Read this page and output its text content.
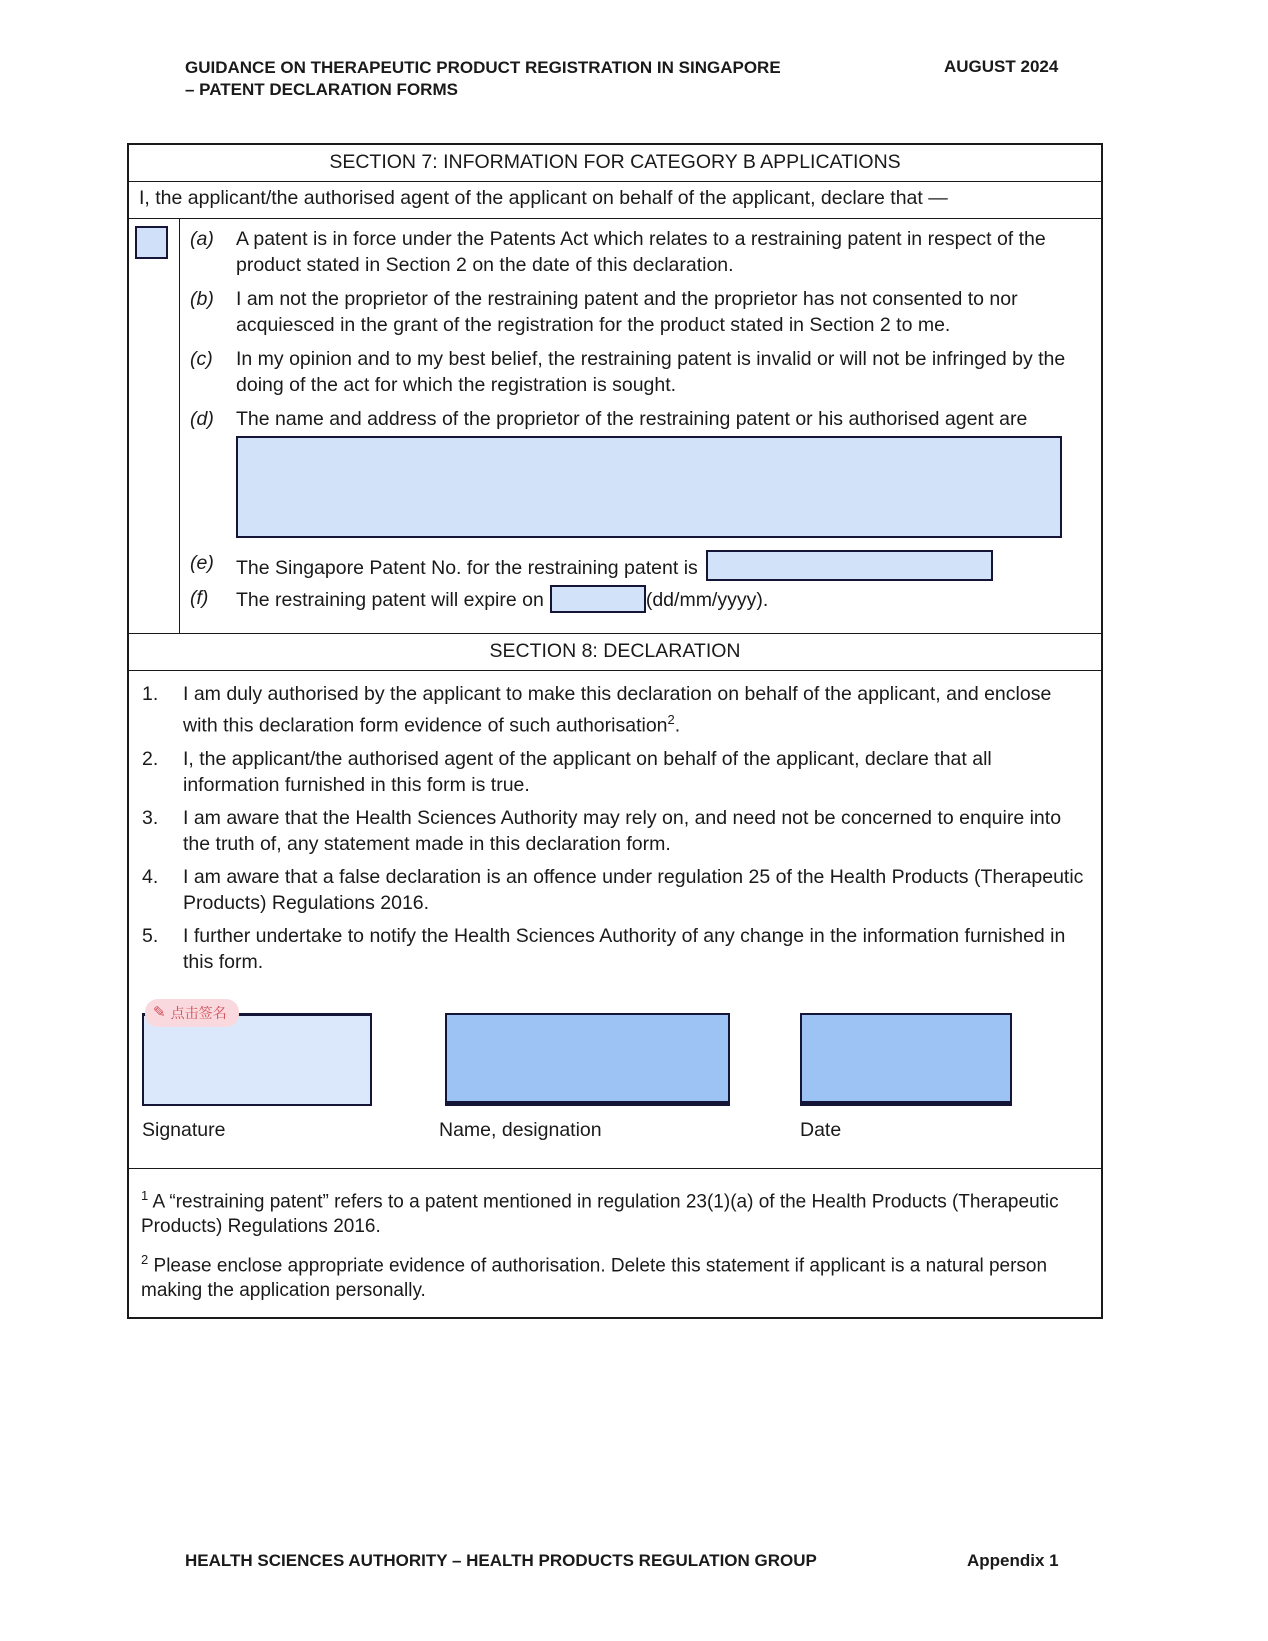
GUIDANCE ON THERAPEUTIC PRODUCT REGISTRATION IN SINGAPORE
– PATENT DECLARATION FORMS
AUGUST 2024
SECTION 7: INFORMATION FOR CATEGORY B APPLICATIONS
I, the applicant/the authorised agent of the applicant on behalf of the applicant, declare that —
(a)	A patent is in force under the Patents Act which relates to a restraining patent in respect of the product stated in Section 2 on the date of this declaration.
(b)	I am not the proprietor of the restraining patent and the proprietor has not consented to nor acquiesced in the grant of the registration for the product stated in Section 2 to me.
(c)	In my opinion and to my best belief, the restraining patent is invalid or will not be infringed by the doing of the act for which the registration is sought.
(d)	The name and address of the proprietor of the restraining patent or his authorised agent are
(e)	The Singapore Patent No. for the restraining patent is
(f)	The restraining patent will expire on	(dd/mm/yyyy).
SECTION 8: DECLARATION
1.	I am duly authorised by the applicant to make this declaration on behalf of the applicant, and enclose with this declaration form evidence of such authorisation$^2$.
2.	I, the applicant/the authorised agent of the applicant on behalf of the applicant, declare that all information furnished in this form is true.
3.	I am aware that the Health Sciences Authority may rely on, and need not be concerned to enquire into the truth of, any statement made in this declaration form.
4.	I am aware that a false declaration is an offence under regulation 25 of the Health Products (Therapeutic Products) Regulations 2016.
5.	I further undertake to notify the Health Sciences Authority of any change in the information furnished in this form.
✎ 点击签名
Signature	Name, designation	Date
$^1$ A “restraining patent” refers to a patent mentioned in regulation 23(1)(a) of the Health Products (Therapeutic Products) Regulations 2016.
$^2$ Please enclose appropriate evidence of authorisation. Delete this statement if applicant is a natural person making the application personally.
HEALTH SCIENCES AUTHORITY – HEALTH PRODUCTS REGULATION GROUP	Appendix 1
